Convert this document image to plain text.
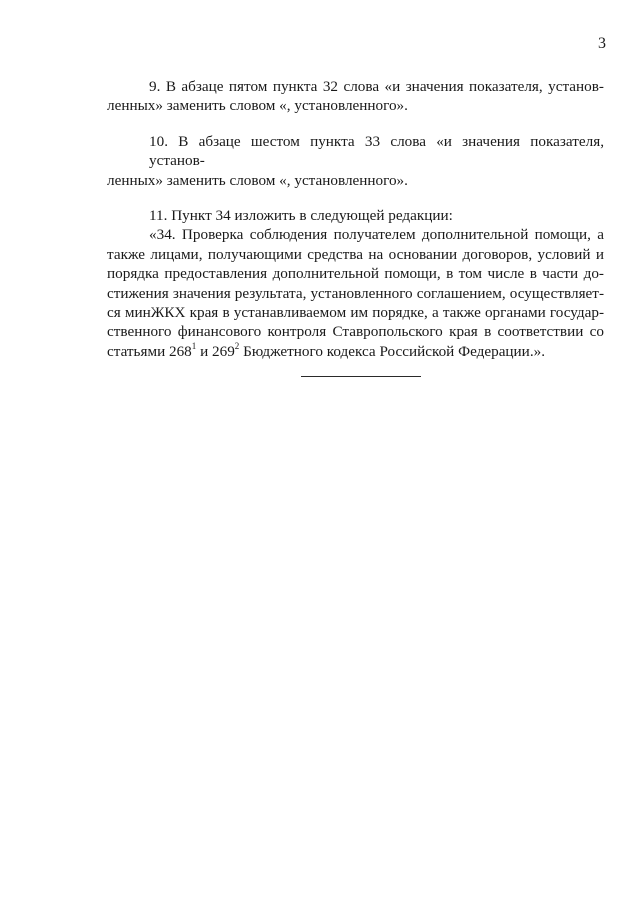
3
9. В абзаце пятом пункта 32 слова «и значения показателя, установ-
ленных» заменить словом «, установленного».
10. В абзаце шестом пункта 33 слова «и значения показателя, установ-
ленных» заменить словом «, установленного».
11. Пункт 34 изложить в следующей редакции:
«34. Проверка соблюдения получателем дополнительной помощи, а
также лицами, получающими средства на основании договоров, условий и
порядка предоставления дополнительной помощи, в том числе в части до-
стижения значения результата, установленного соглашением, осуществляет-
ся минЖКХ края в устанавливаемом им порядке, а также органами государ-
ственного финансового контроля Ставропольского края в соответствии со
статьями $268^1$ и $269^2$ Бюджетного кодекса Российской Федерации.».
